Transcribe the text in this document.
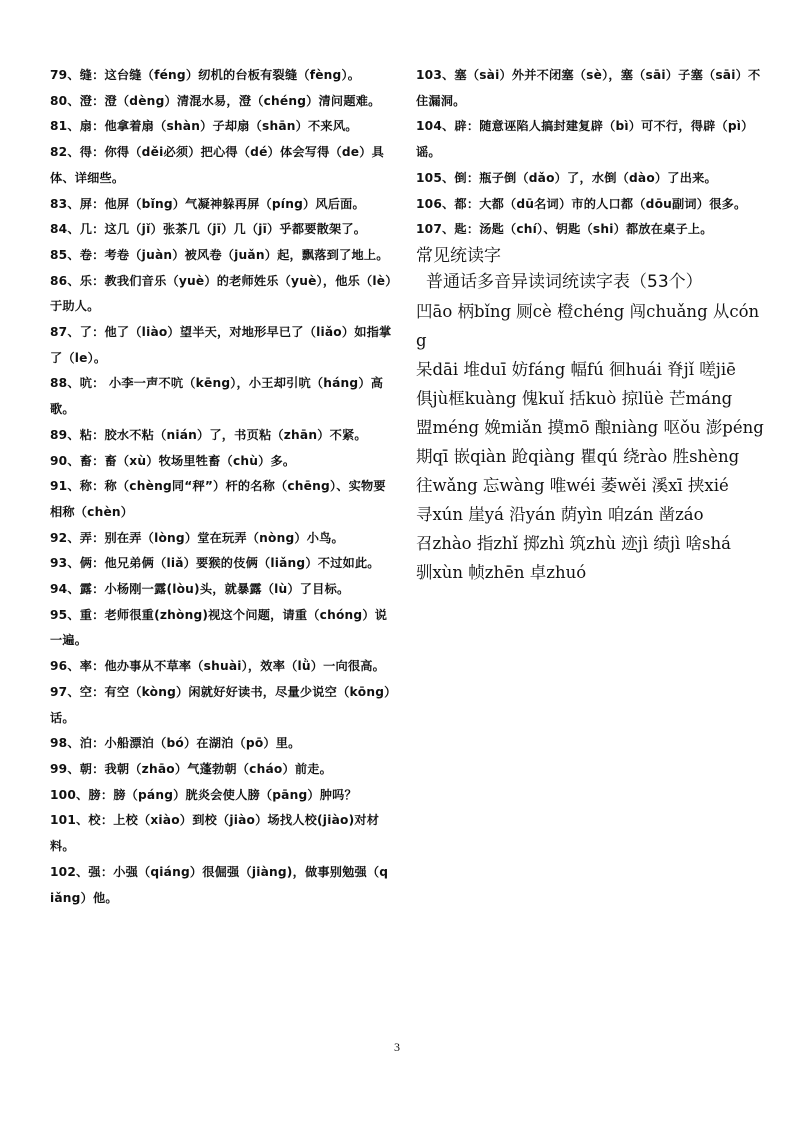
79、缝：这台缝（féng）纫机的台板有裂缝（fèng）。

80、澄：澄（dèng）清混水易，澄（chéng）清问题难。

81、扇：他拿着扇（shàn）子却扇（shān）不来风。

82、得：你得（děi必须）把心得（dé）体会写得（de）具体、详细些。

83、屏：他屏（bǐng）气凝神躲再屏（píng）风后面。

84、几：这几（jǐ）张茶几（jī）几（jī）乎都要散架了。

85、卷：考卷（juàn）被风卷（juǎn）起，飘落到了地上。

86、乐：教我们音乐（yuè）的老师姓乐（yuè），他乐（lè）于助人。

87、了：他了（liào）望半天，对地形早已了（liǎo）如指掌了（le）。

88、吭： 小李一声不吭（kēng），小王却引吭（háng）高歌。

89、粘：胶水不粘（nián）了，书页粘（zhān）不紧。

90、畜：畜（xù）牧场里牲畜（chù）多。

91、称：称（chèng同“秤”）杆的名称（chēng）、实物要相称（chèn）

92、弄：别在弄（lòng）堂在玩弄（nòng）小鸟。

93、俩：他兄弟俩（liǎ）要猴的伎俩（liǎng）不过如此。

94、露：小杨刚一露(lòu)头，就暴露（lù）了目标。

95、重：老师很重(zhòng)视这个问题，请重（chóng）说一遍。

96、率：他办事从不草率（shuài），效率（lǜ）一向很高。

97、空：有空（kòng）闲就好好读书，尽量少说空（kōng）话。

98、泊：小船漂泊（bó）在湖泊（pō）里。

99、朝：我朝（zhāo）气蓬勃朝（cháo）前走。

100、膀：膀（páng）胱炎会使人膀（pāng）肿吗？

101、校：上校（xiào）到校（jiào）场找人校(jiào)对材料。

102、强：小强（qiáng）很倔强（jiàng)，做事别勉强（qiǎng）他。

103、塞（sài）外并不闭塞（sè），塞（sāi）子塞（sāi）不住漏洞。

104、辟：随意诬陷人搞封建复辟（bì）可不行，得辟（pì）谣。

105、倒：瓶子倒（dǎo）了，水倒（dào）了出来。

106、都：大都（dū名词）市的人口都（dōu副词）很多。

107、匙：汤匙（chí）、钥匙（shi）都放在桌子上。

常见统读字

普通话多音异读词统读字表（53个）

凹āo 柄bǐng 厕cè 橙chéng 闯chuǎng 从cóng

呆dāi 堆duī 妨fáng 幅fú 徊huái 脊jǐ 嗟jiē

俱jù框kuàng 傀kuǐ 括kuò 掠lüè 芒máng

盟méng 娩miǎn 摸mō 酿niàng 呕ǒu 澎péng

期qī 嵌qiàn 跄qiàng 瞿qú 绕rào 胜shèng

往wǎng 忘wàng 唯wéi 萎wěi 溪xī 挟xié

寻xún 崖yá 沿yán 荫yìn 咱zán 凿záo

召zhào 指zhǐ 掷zhì 筑zhù 迹jì 绩jì 啥shá

驯xùn 帧zhēn 卓zhuó

3
